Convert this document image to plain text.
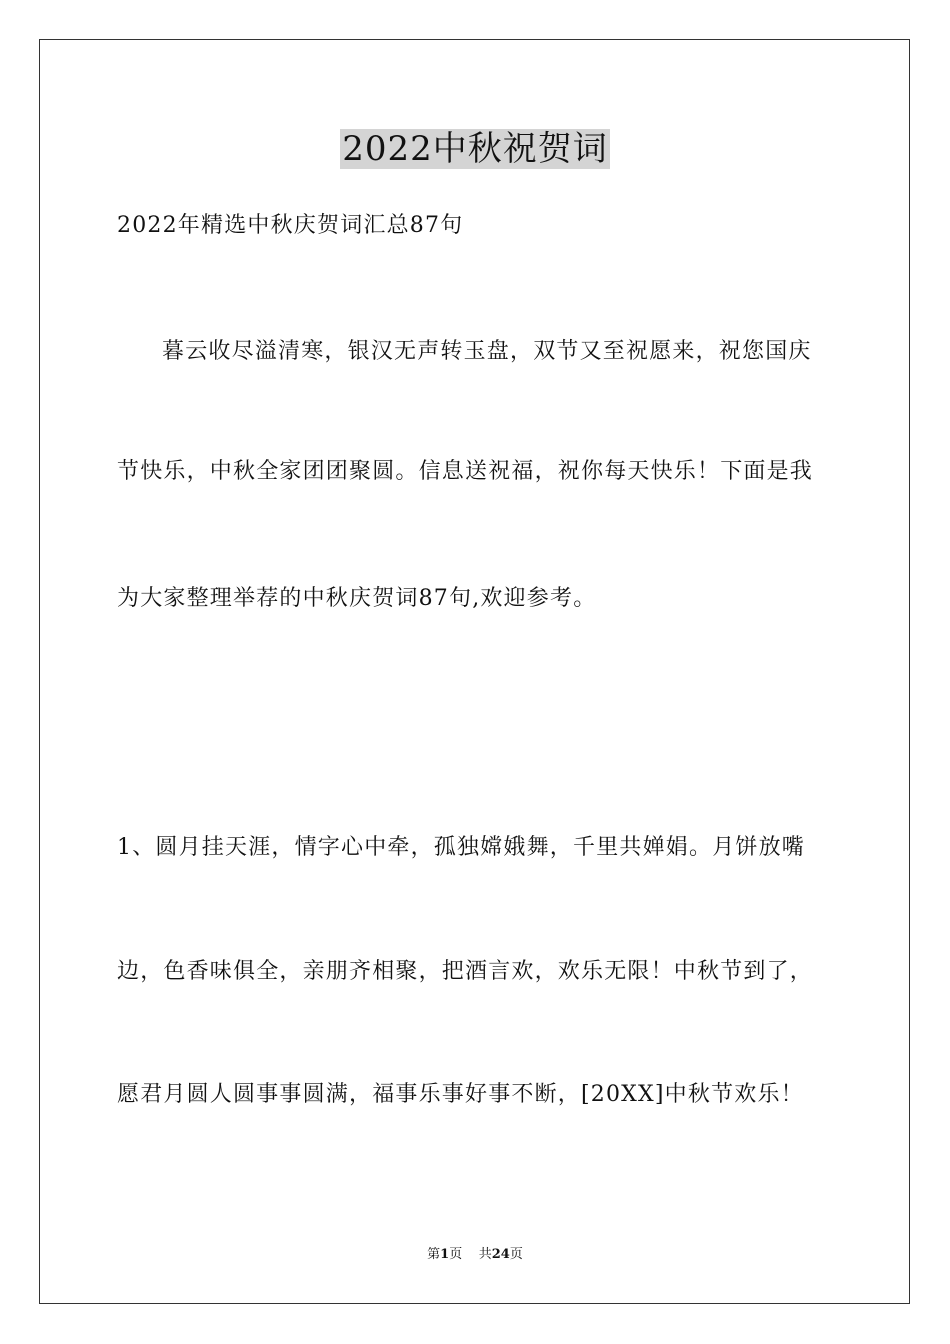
2022中秋祝贺词

2022年精选中秋庆贺词汇总87句

暮云收尽溢清寒，银汉无声转玉盘，双节又至祝愿来，祝您国庆

节快乐，中秋全家团团聚圆。信息送祝福，祝你每天快乐！下面是我

为大家整理举荐的中秋庆贺词87句,欢迎参考。

1、圆月挂天涯，情字心中牵，孤独嫦娥舞，千里共婵娟。月饼放嘴

边，色香味俱全，亲朋齐相聚，把酒言欢，欢乐无限！中秋节到了，

愿君月圆人圆事事圆满，福事乐事好事不断，[20XX]中秋节欢乐！

第1页 共24页
